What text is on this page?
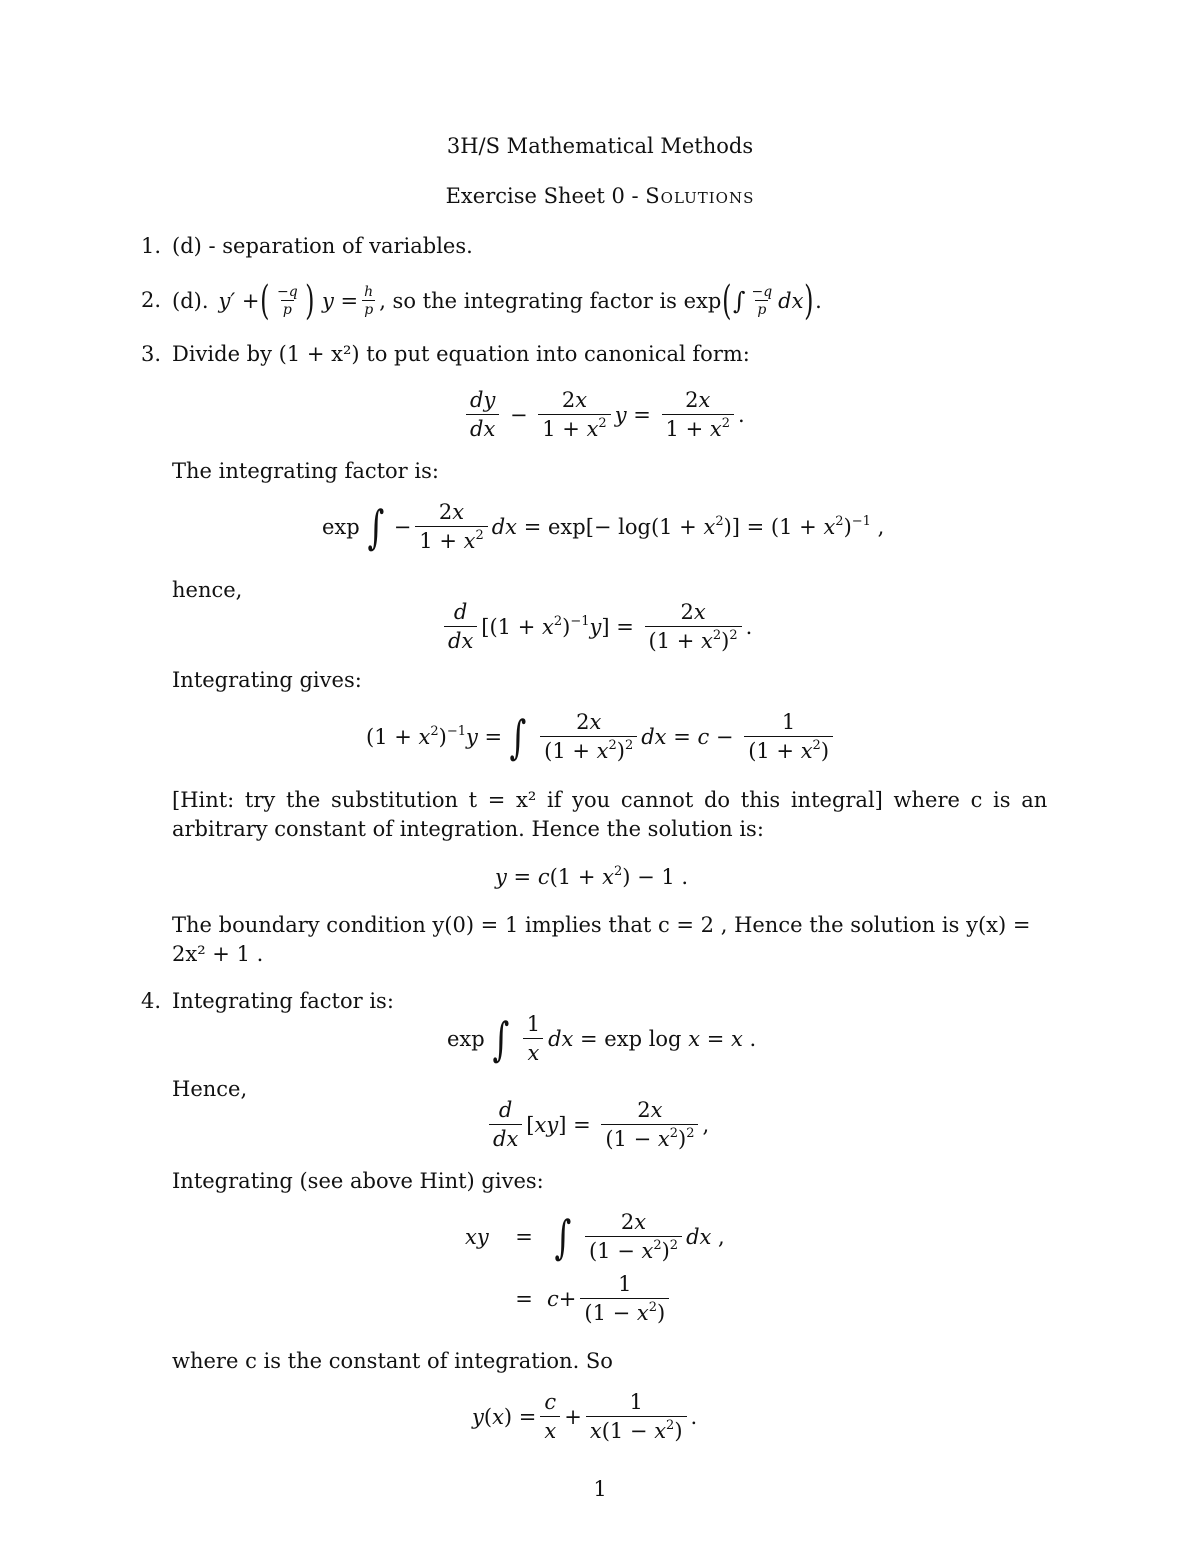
3H/S Mathematical Methods
Exercise Sheet 0 - Solutions
1. (d) - separation of variables.
2. (d). y′ + ( $\frac{-q}{p}$ ) $y = \frac{h}{p}$ , so the integrating factor is exp ( ∫ $\frac{-q}{p}$ dx ) .
3. Divide by (1 + x²) to put equation into canonical form:
$\frac{dy}{dx} - \frac{2x}{1 + x^2}$ $y = \frac{2x}{1 + x^2}$ .
The integrating factor is:
exp ∫ − $\frac{2x}{1 + x^2}$ dx = $\exp[- \log(1 + x^2)] = (1 + x^2)^{-1}$ ,
hence,
$\frac{d}{dx} [(1 + x^2)^{-1}y] = \frac{2x}{(1 + x^2)^2}$ .
Integrating gives:
$(1 + x^2)^{-1}y$ = ∫ $\frac{2x}{(1 + x^2)^2}$ dx = $c - \frac{1}{(1 + x^2)}$
[Hint: try the substitution t = x² if you cannot do this integral] where c is an
arbitrary constant of integration. Hence the solution is:
$y = c(1 + x^2) - 1$ .
The boundary condition y(0) = 1 implies that c = 2 , Hence the solution is y(x) =
2x² + 1 .
4. Integrating factor is:
exp ∫ $\frac{1}{x}$ dx = exp log x = x .
Hence,
$\frac{d}{dx} [xy] = \frac{2x}{(1 - x^2)^2}$ ,
Integrating (see above Hint) gives:
xy	= ∫ $\frac{2x}{(1 - x^2)^2}$ dx ,
= $c + \frac{1}{(1 - x^2)}$
where c is the constant of integration. So
$y(x) = \frac{c}{x} + \frac{1}{x(1 - x^2)}$ .
1
